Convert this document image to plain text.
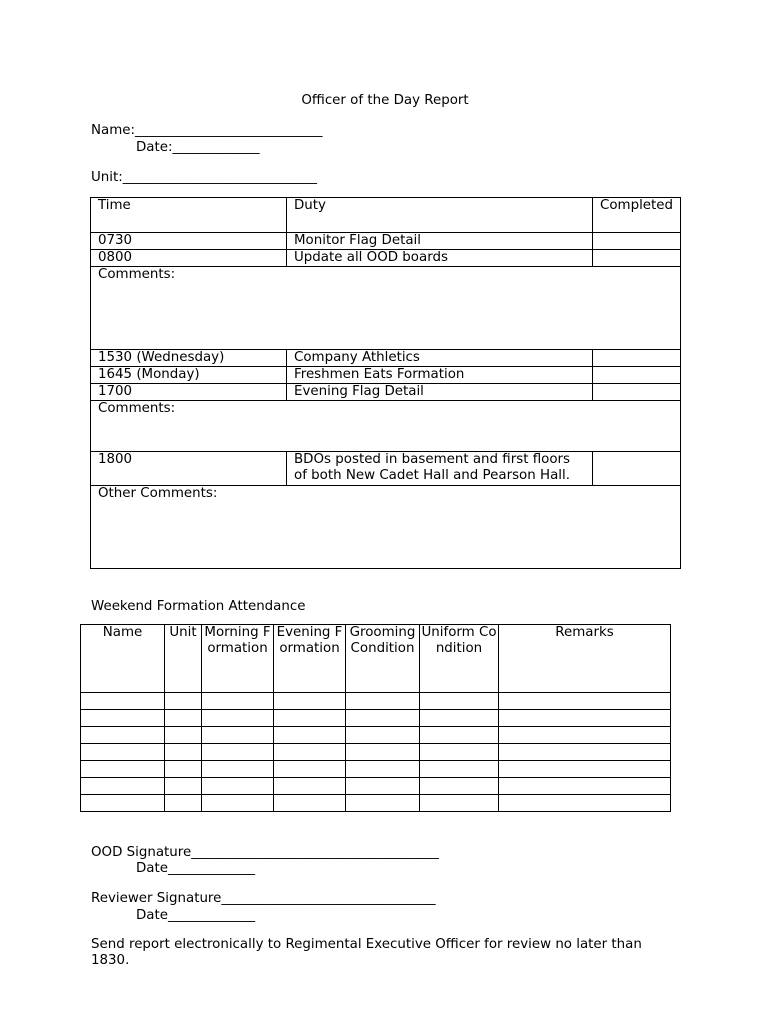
Officer of the Day Report
Name:____________________________
Date:_____________
Unit:_____________________________
Time	Duty	Completed
0730	Monitor Flag Detail	
0800	Update all OOD boards	
Comments:		
1530 (Wednesday)	Company Athletics	
1645 (Monday)	Freshmen Eats Formation	
1700	Evening Flag Detail	
Comments:		
1800	BDOs posted in basement and first floors of both New Cadet Hall and Pearson Hall.	
Other Comments:		
Weekend Formation Attendance
Name	Unit	Morning Formation	Evening Formation	Grooming Condition	Uniform Condition	Remarks

OOD Signature_____________________________________
Date_____________
Reviewer Signature________________________________
Date_____________
Send report electronically to Regimental Executive Officer for review no later than 1830.
